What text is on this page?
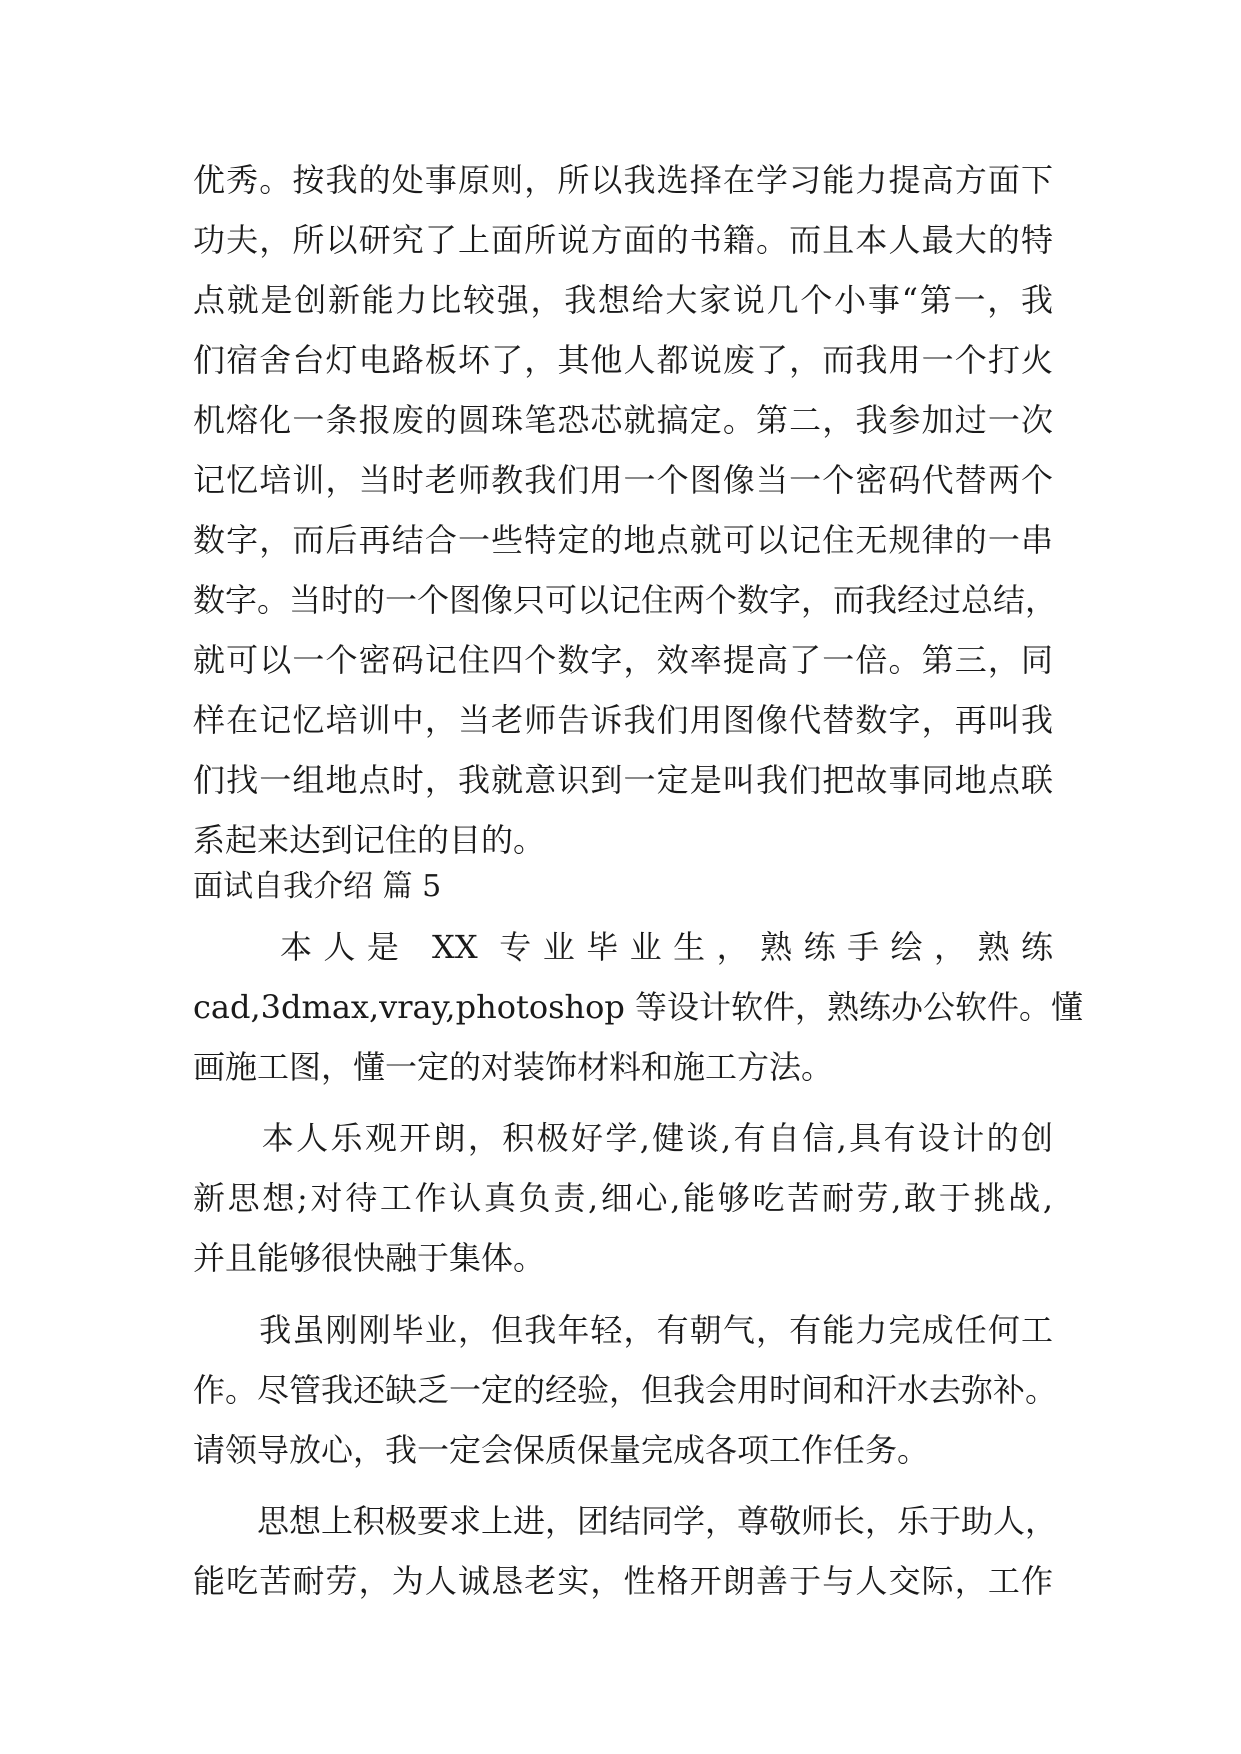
优秀。按我的处事原则，所以我选择在学习能力提高方面下
功夫，所以研究了上面所说方面的书籍。而且本人最大的特
点就是创新能力比较强，我想给大家说几个小事“第一，我
们宿舍台灯电路板坏了，其他人都说废了，而我用一个打火
机熔化一条报废的圆珠笔恐芯就搞定。第二，我参加过一次
记忆培训，当时老师教我们用一个图像当一个密码代替两个
数字，而后再结合一些特定的地点就可以记住无规律的一串
数字。当时的一个图像只可以记住两个数字，而我经过总结，
就可以一个密码记住四个数字，效率提高了一倍。第三，同
样在记忆培训中，当老师告诉我们用图像代替数字，再叫我
们找一组地点时，我就意识到一定是叫我们把故事同地点联
系起来达到记住的目的。
面试自我介绍 篇 5
　　本人是 XX 专业毕业生，熟练手绘，熟练
cad,3dmax,vray,photoshop 等设计软件，熟练办公软件。懂
画施工图，懂一定的对装饰材料和施工方法。
　　本人乐观开朗，积极好学,健谈,有自信,具有设计的创
新思想;对待工作认真负责,细心,能够吃苦耐劳,敢于挑战,
并且能够很快融于集体。
　　我虽刚刚毕业，但我年轻，有朝气，有能力完成任何工
作。尽管我还缺乏一定的经验，但我会用时间和汗水去弥补。
请领导放心，我一定会保质保量完成各项工作任务。
　　思想上积极要求上进，团结同学，尊敬师长，乐于助人，
能吃苦耐劳，为人诚恳老实，性格开朗善于与人交际，工作
